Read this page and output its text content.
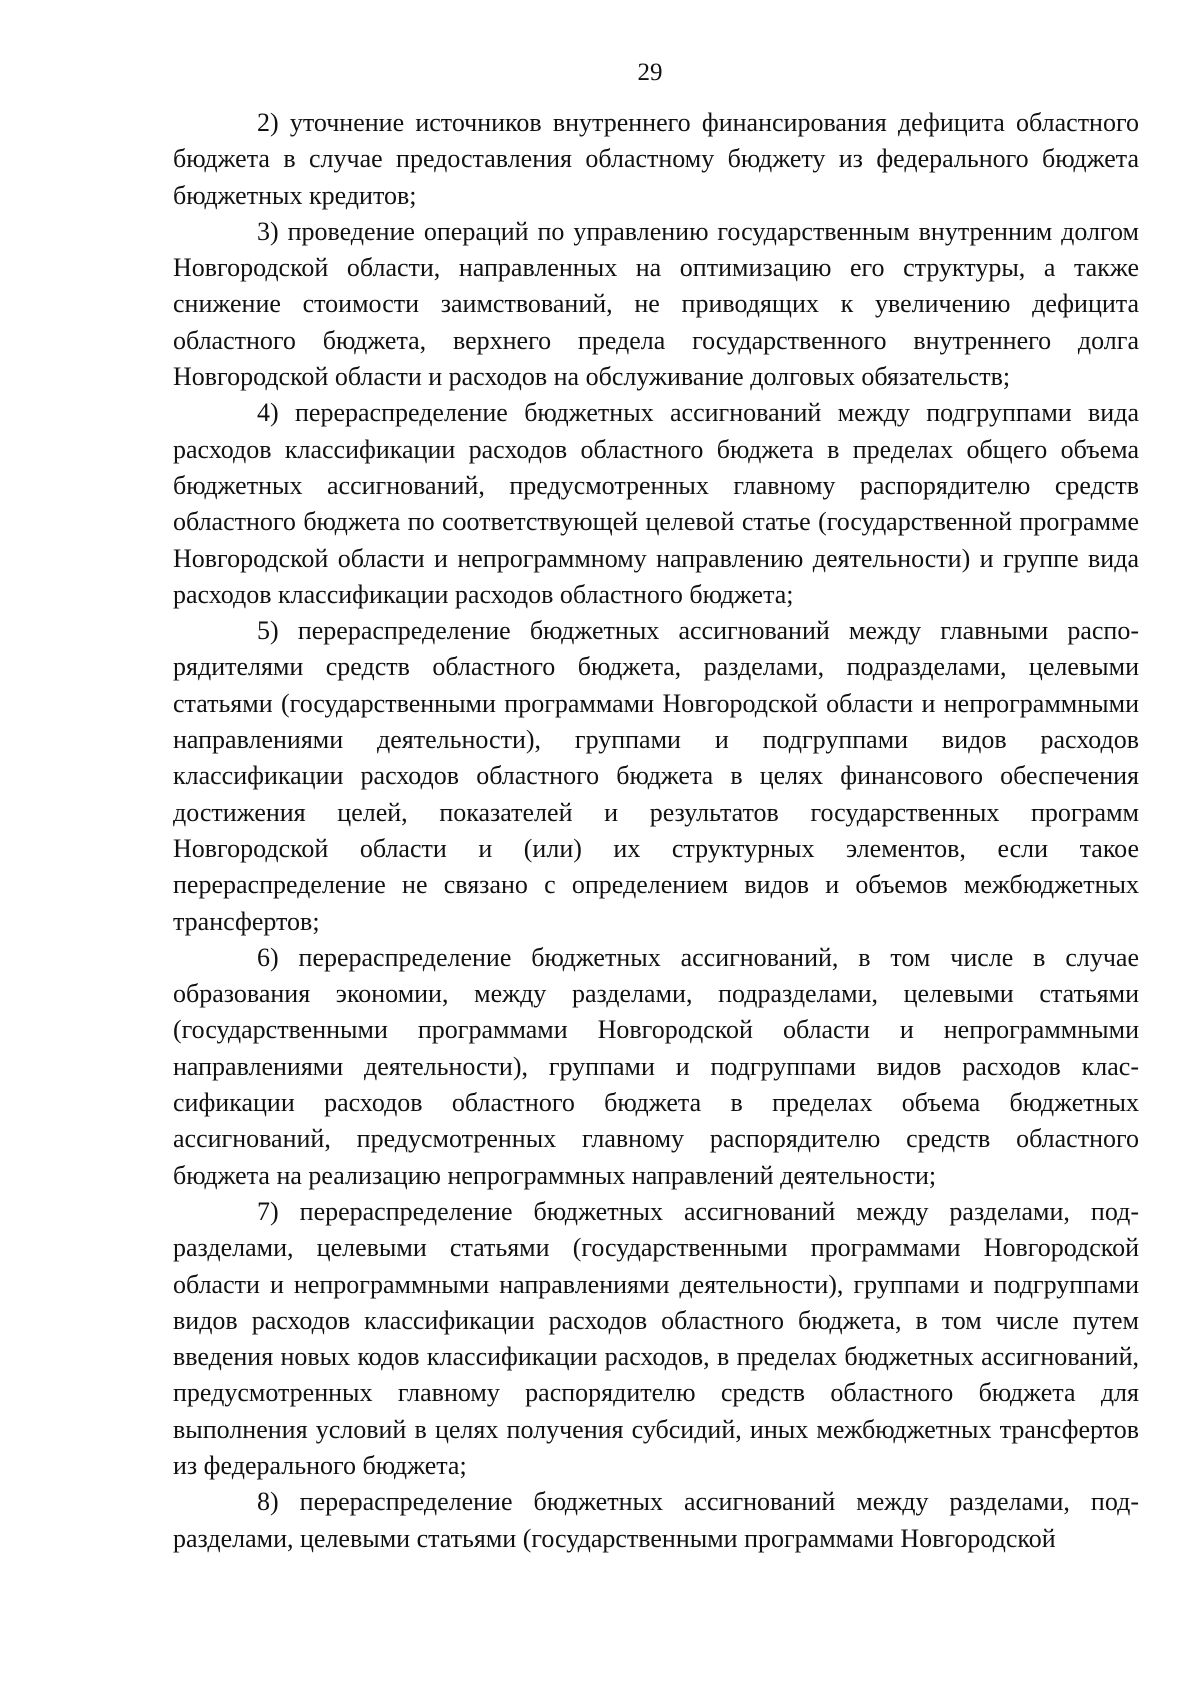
29

2) уточнение источников внутреннего финансирования дефицита областного бюджета в случае предоставления областному бюджету из федерального бюджета бюджетных кредитов;

3) проведение операций по управлению государственным внутренним долгом Новгородской области, направленных на оптимизацию его структуры, а также снижение стоимости заимствований, не приводящих к увеличению дефицита областного бюджета, верхнего предела государственного внутреннего долга Новгородской области и расходов на обслуживание долговых обязательств;

4) перераспределение бюджетных ассигнований между подгруппами вида расходов классификации расходов областного бюджета в пределах общего объема бюджетных ассигнований, предусмотренных главному распорядителю средств областного бюджета по соответствующей целевой статье (государственной программе Новгородской области и непрограммному направлению деятельности) и группе вида расходов классификации расходов областного бюджета;

5) перераспределение бюджетных ассигнований между главными распорядителями средств областного бюджета, разделами, подразделами, целевыми статьями (государственными программами Новгородской области и непрограммными направлениями деятельности), группами и подгруппами видов расходов классификации расходов областного бюджета в целях финансового обеспечения достижения целей, показателей и результатов государственных программ Новгородской области и (или) их структурных элементов, если такое перераспределение не связано с определением видов и объемов межбюджетных трансфертов;

6) перераспределение бюджетных ассигнований, в том числе в случае образования экономии, между разделами, подразделами, целевыми статьями (государственными программами Новгородской области и непрограммными направлениями деятельности), группами и подгруппами видов расходов классификации расходов областного бюджета в пределах объема бюджетных ассигнований, предусмотренных главному распорядителю средств областного бюджета на реализацию непрограммных направлений деятельности;

7) перераспределение бюджетных ассигнований между разделами, подразделами, целевыми статьями (государственными программами Новгородской области и непрограммными направлениями деятельности), группами и подгруппами видов расходов классификации расходов областного бюджета, в том числе путем введения новых кодов классификации расходов, в пределах бюджетных ассигнований, предусмотренных главному распорядителю средств областного бюджета для выполнения условий в целях получения субсидий, иных межбюджетных трансфертов из федерального бюджета;

8) перераспределение бюджетных ассигнований между разделами, подразделами, целевыми статьями (государственными программами Новгородской
